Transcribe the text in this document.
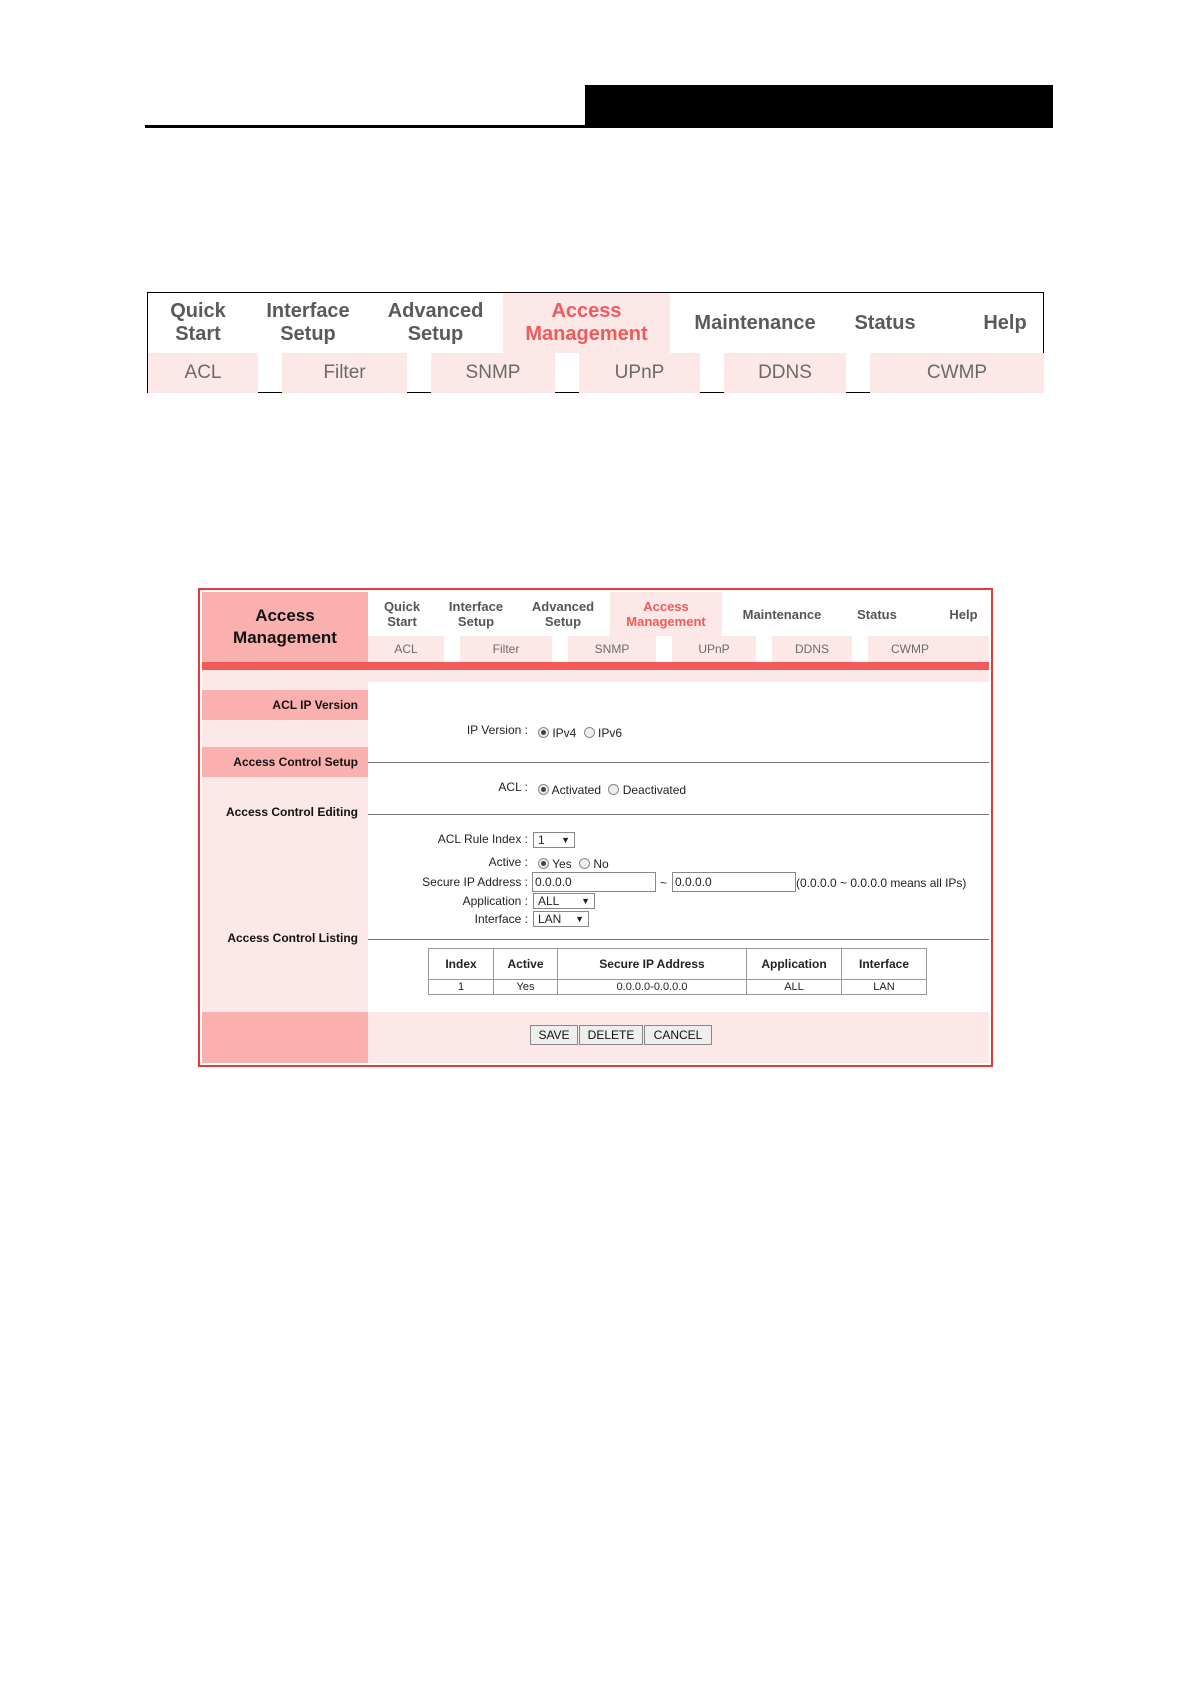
Quick
Start
Interface
Setup
Advanced
Setup
Access
Management
Maintenance Status	Help
ACL	Filter	SNMP	UPnP	DDNS	CWMP
Access
Management
Quick
Start
Interface
Setup
Advanced
Setup
Access
Management	Maintenance	Status	Help
ACL	Filter	SNMP	UPnP	DDNS	CWMP
ACL IP Version
Access Control Setup
Access Control Editing
Access Control Listing
IP Version :	IPv4 IPv6
ACL :	Activated Deactivated
ACL Rule Index : 1 ▼
Active :	Yes No
Secure IP Address : 0.0.0.0	~ 0.0.0.0	(0.0.0.0 ~ 0.0.0.0 means all IPs)
Application : ALL ▼
Interface : LAN ▼
Index	Active	Secure IP Address	Application	Interface
1	Yes	0.0.0.0-0.0.0.0	ALL	LAN
SAVE	DELETE	CANCEL
